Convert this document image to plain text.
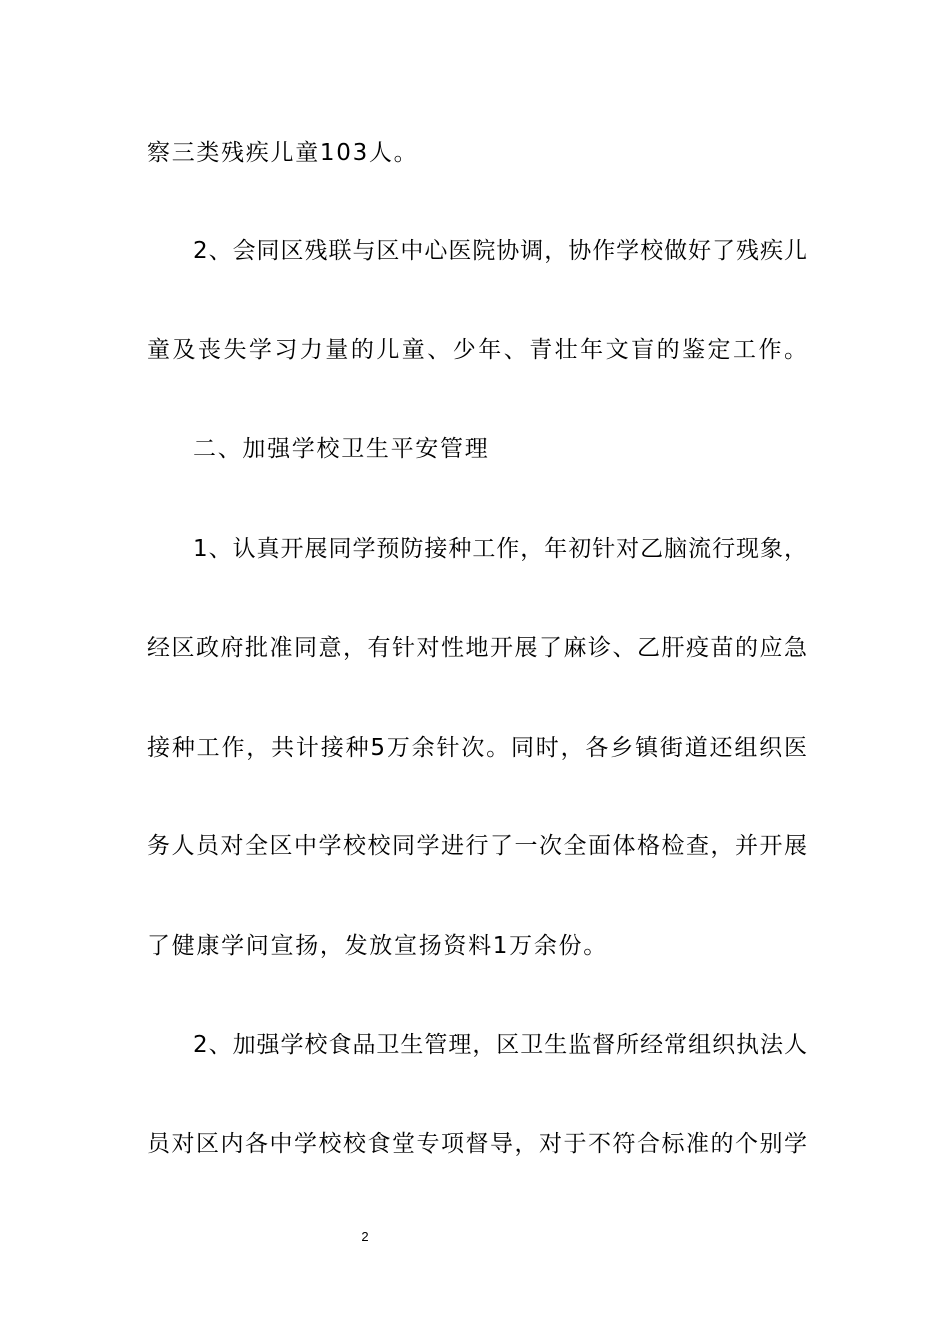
察三类残疾儿童103人。
2、会同区残联与区中心医院协调，协作学校做好了残疾儿
童及丧失学习力量的儿童、少年、青壮年文盲的鉴定工作。
二、加强学校卫生平安管理
1、认真开展同学预防接种工作，年初针对乙脑流行现象，
经区政府批准同意，有针对性地开展了麻诊、乙肝疫苗的应急
接种工作，共计接种5万余针次。同时，各乡镇街道还组织医
务人员对全区中学校校同学进行了一次全面体格检查，并开展
了健康学问宣扬，发放宣扬资料1万余份。
2、加强学校食品卫生管理，区卫生监督所经常组织执法人
员对区内各中学校校食堂专项督导，对于不符合标准的个别学
2
